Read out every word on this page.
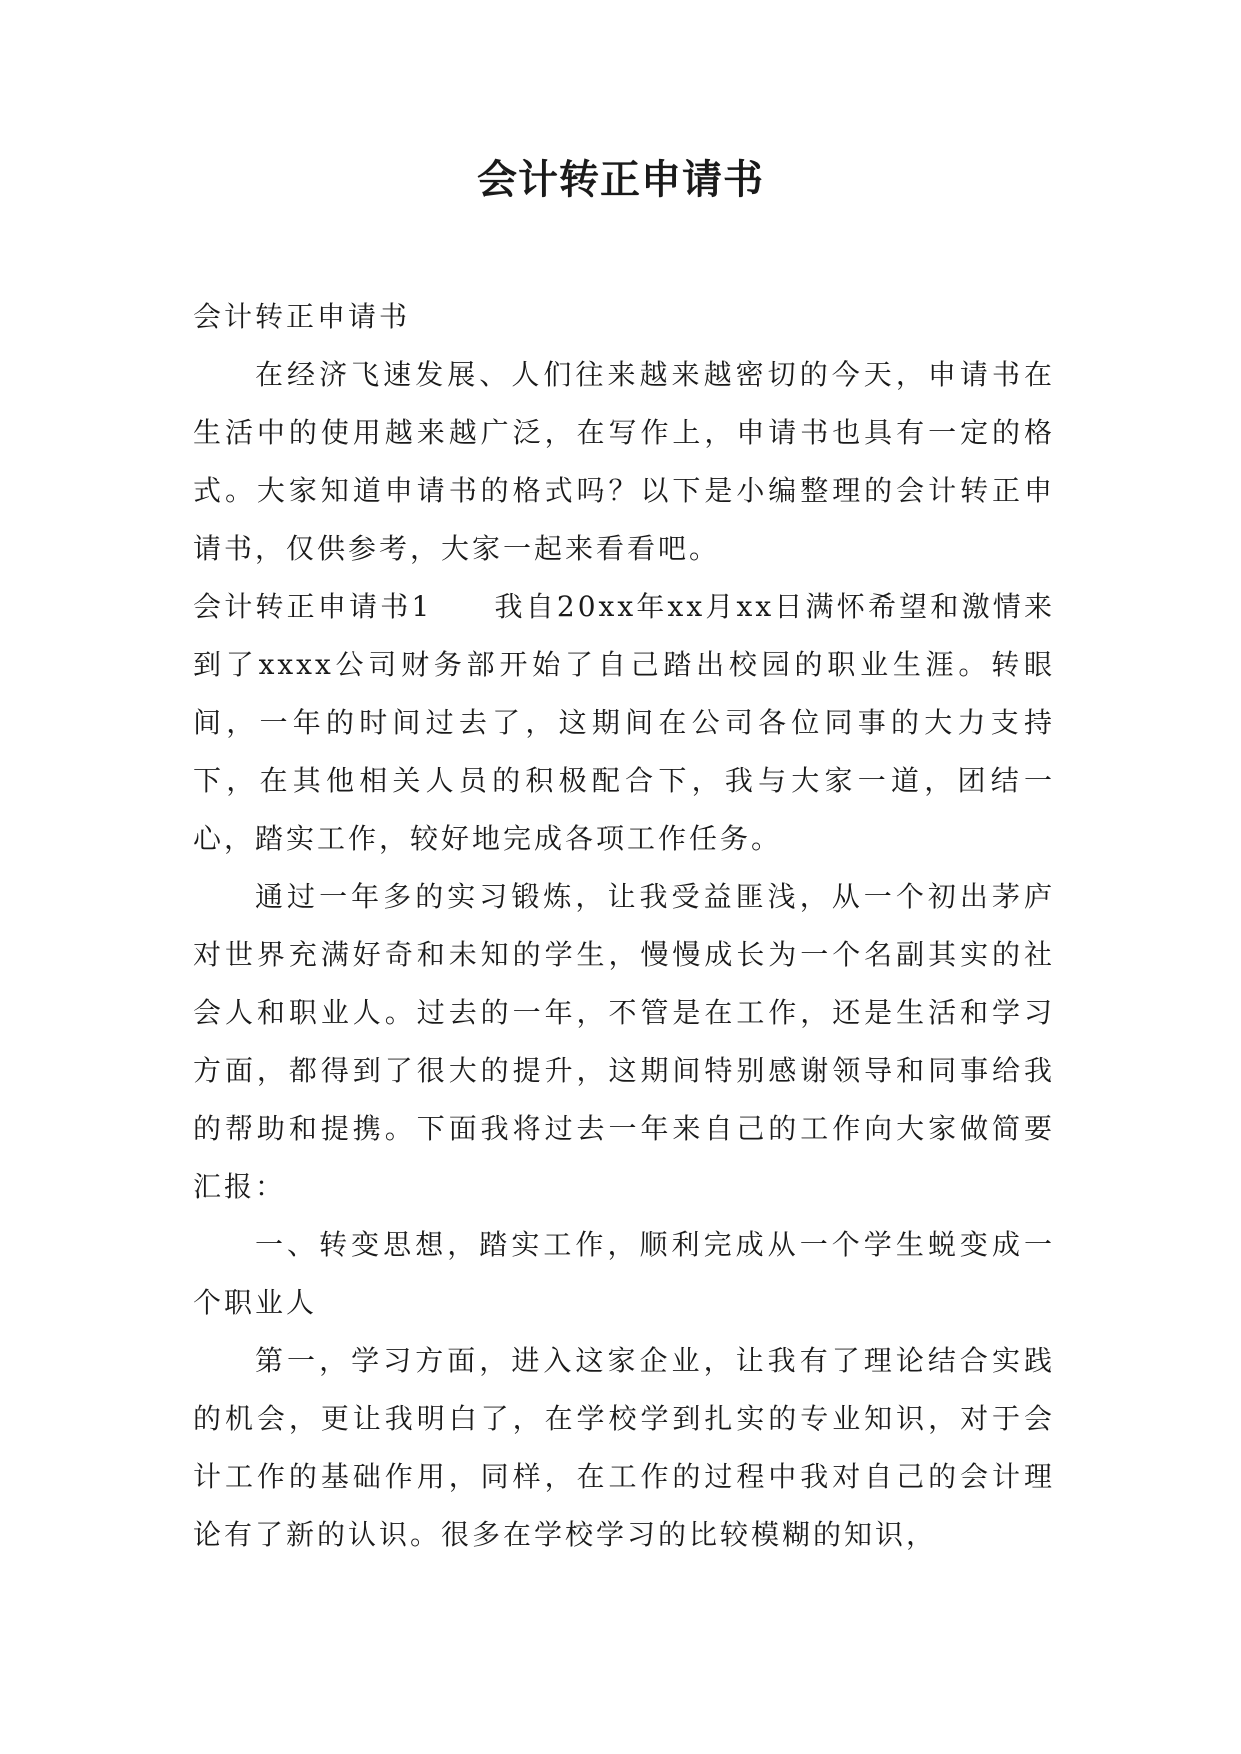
会计转正申请书

会计转正申请书

在经济飞速发展、人们往来越来越密切的今天，申请书在生活中的使用越来越广泛，在写作上，申请书也具有一定的格式。大家知道申请书的格式吗？以下是小编整理的会计转正申请书，仅供参考，大家一起来看看吧。

会计转正申请书1 我自20xx年xx月xx日满怀希望和激情来到了xxxx公司财务部开始了自己踏出校园的职业生涯。转眼间，一年的时间过去了，这期间在公司各位同事的大力支持下，在其他相关人员的积极配合下，我与大家一道，团结一心，踏实工作，较好地完成各项工作任务。

通过一年多的实习锻炼，让我受益匪浅，从一个初出茅庐对世界充满好奇和未知的学生，慢慢成长为一个名副其实的社会人和职业人。过去的一年，不管是在工作，还是生活和学习方面，都得到了很大的提升，这期间特别感谢领导和同事给我的帮助和提携。下面我将过去一年来自己的工作向大家做简要汇报：

一、转变思想，踏实工作，顺利完成从一个学生蜕变成一个职业人

第一，学习方面，进入这家企业，让我有了理论结合实践的机会，更让我明白了，在学校学到扎实的专业知识，对于会计工作的基础作用，同样，在工作的过程中我对自己的会计理论有了新的认识。很多在学校学习的比较模糊的知识，
